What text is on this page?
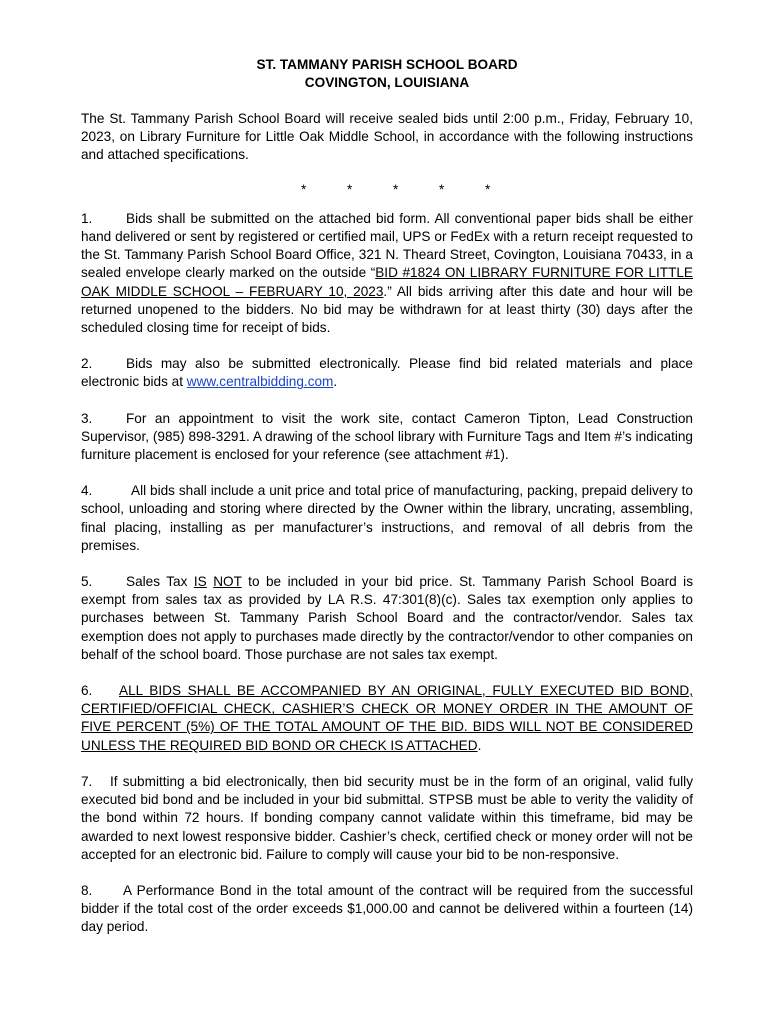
ST. TAMMANY PARISH SCHOOL BOARD
COVINGTON, LOUISIANA

The St. Tammany Parish School Board will receive sealed bids until 2:00 p.m., Friday, February 10, 2023, on Library Furniture for Little Oak Middle School, in accordance with the following instructions and attached specifications.

*	*	*	*	*

1. Bids shall be submitted on the attached bid form. All conventional paper bids shall be either hand delivered or sent by registered or certified mail, UPS or FedEx with a return receipt requested to the St. Tammany Parish School Board Office, 321 N. Theard Street, Covington, Louisiana 70433, in a sealed envelope clearly marked on the outside “BID #1824 ON LIBRARY FURNITURE FOR LITTLE OAK MIDDLE SCHOOL – FEBRUARY 10, 2023.” All bids arriving after this date and hour will be returned unopened to the bidders. No bid may be withdrawn for at least thirty (30) days after the scheduled closing time for receipt of bids.

2. Bids may also be submitted electronically. Please find bid related materials and place electronic bids at www.centralbidding.com.

3. For an appointment to visit the work site, contact Cameron Tipton, Lead Construction Supervisor, (985) 898-3291. A drawing of the school library with Furniture Tags and Item #’s indicating furniture placement is enclosed for your reference (see attachment #1).

4.	All bids shall include a unit price and total price of manufacturing, packing, prepaid delivery to school, unloading and storing where directed by the Owner within the library, uncrating, assembling, final placing, installing as per manufacturer’s instructions, and removal of all debris from the premises.

5. Sales Tax IS NOT to be included in your bid price. St. Tammany Parish School Board is exempt from sales tax as provided by LA R.S. 47:301(8)(c). Sales tax exemption only applies to purchases between St. Tammany Parish School Board and the contractor/vendor. Sales tax exemption does not apply to purchases made directly by the contractor/vendor to other companies on behalf of the school board. Those purchase are not sales tax exempt.

6. ALL BIDS SHALL BE ACCOMPANIED BY AN ORIGINAL, FULLY EXECUTED BID BOND, CERTIFIED/OFFICIAL CHECK, CASHIER’S CHECK OR MONEY ORDER IN THE AMOUNT OF FIVE PERCENT (5%) OF THE TOTAL AMOUNT OF THE BID. BIDS WILL NOT BE CONSIDERED UNLESS THE REQUIRED BID BOND OR CHECK IS ATTACHED.

7. If submitting a bid electronically, then bid security must be in the form of an original, valid fully executed bid bond and be included in your bid submittal. STPSB must be able to verity the validity of the bond within 72 hours. If bonding company cannot validate within this timeframe, bid may be awarded to next lowest responsive bidder. Cashier’s check, certified check or money order will not be accepted for an electronic bid. Failure to comply will cause your bid to be non-responsive.

8. A Performance Bond in the total amount of the contract will be required from the successful bidder if the total cost of the order exceeds $1,000.00 and cannot be delivered within a fourteen (14) day period.
